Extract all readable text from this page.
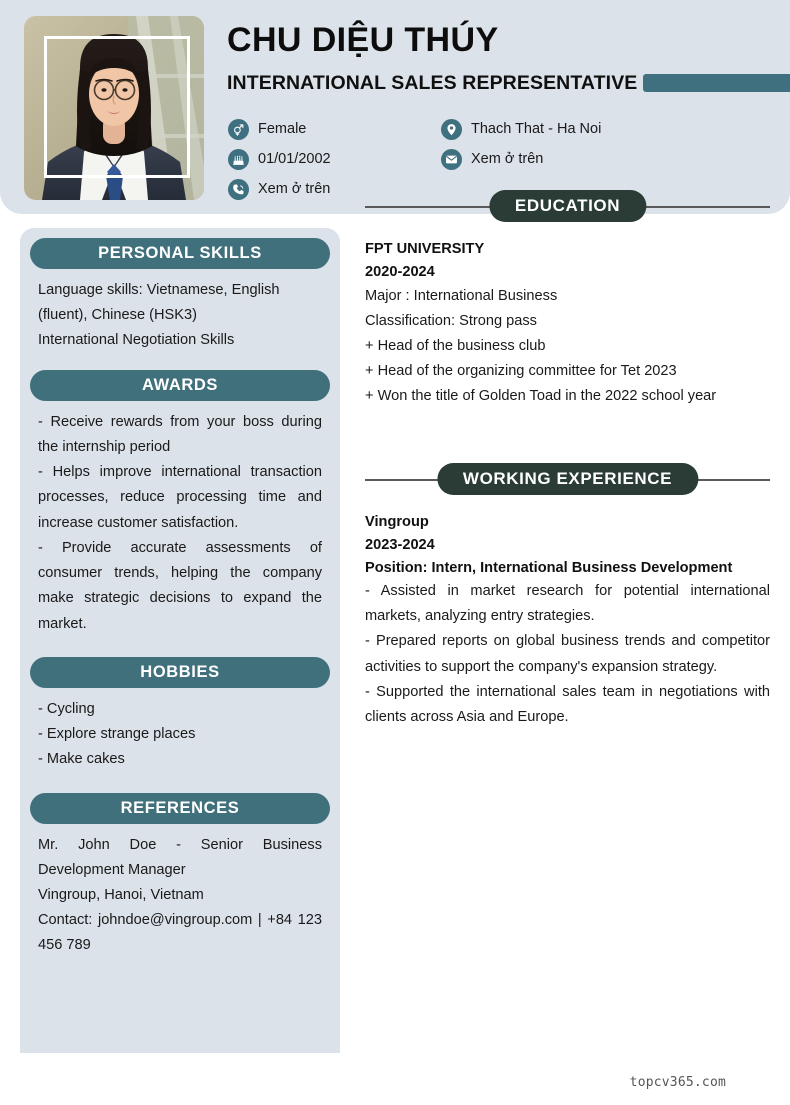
CHU DIỆU THÚY
INTERNATIONAL SALES REPRESENTATIVE
Female
01/01/2002
Xem ở trên
Thach That - Ha Noi
Xem ở trên
PERSONAL SKILLS

Language skills: Vietnamese, English (fluent), Chinese (HSK3)

International Negotiation Skills

AWARDS

- Receive rewards from your boss during the internship period

- Helps improve international transaction processes, reduce processing time and increase customer satisfaction.

- Provide accurate assessments of consumer trends, helping the company make strategic decisions to expand the market.

HOBBIES

- Cycling

- Explore strange places

- Make cakes

REFERENCES

Mr. John Doe - Senior Business Development Manager

Vingroup, Hanoi, Vietnam

Contact: johndoe@vingroup.com | +84 123 456 789

EDUCATION
FPT UNIVERSITY
2020-2024

Major : International Business

Classification: Strong pass

+ Head of the business club

+ Head of the organizing committee for Tet 2023

+ Won the title of Golden Toad in the 2022 school year

WORKING EXPERIENCE
Vingroup
2023-2024
Position: Intern, International Business Development

- Assisted in market research for potential international markets, analyzing entry strategies.

- Prepared reports on global business trends and competitor activities to support the company's expansion strategy.

- Supported the international sales team in negotiations with clients across Asia and Europe.

topcv365.com
